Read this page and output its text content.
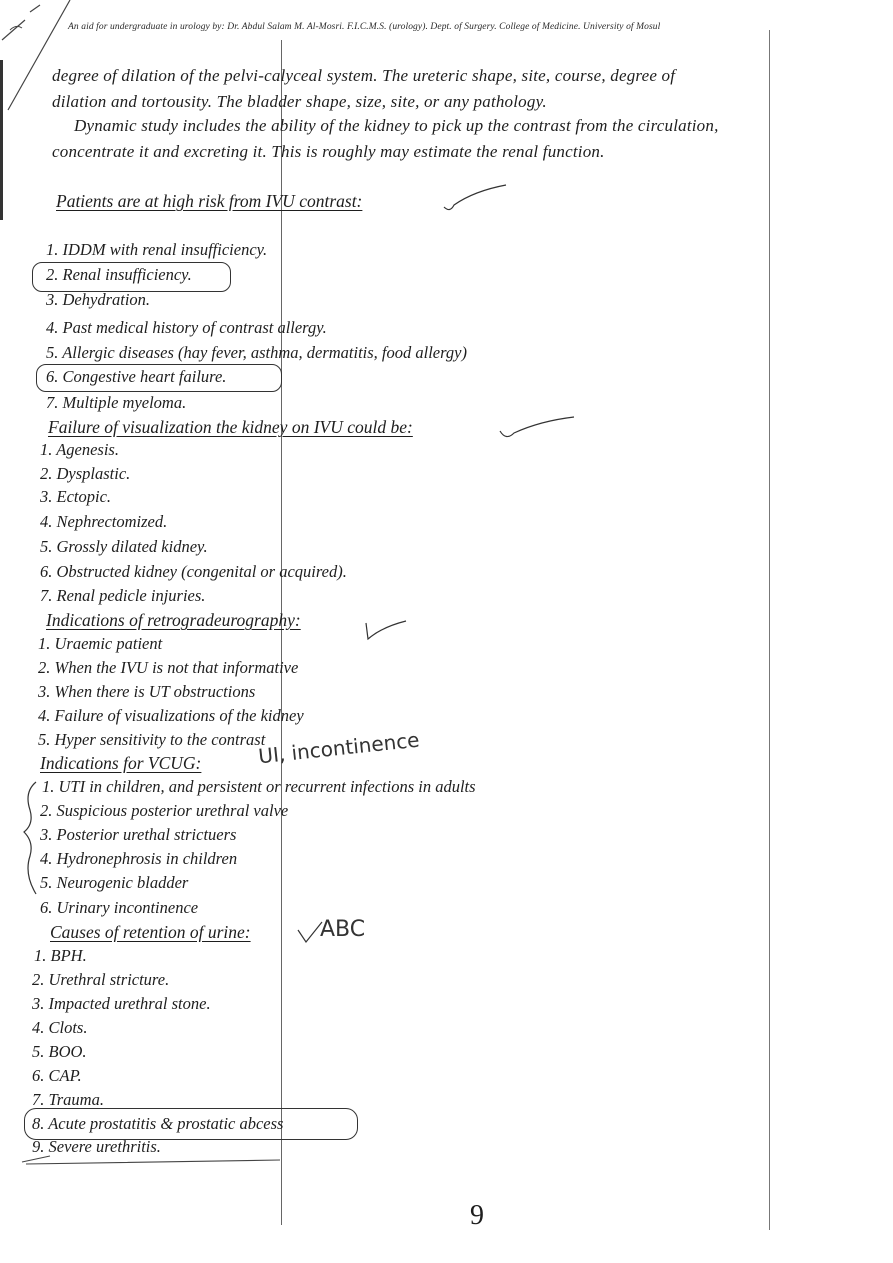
An aid for undergraduate in urology by: Dr. Abdul Salam M. Al-Mosri. F.I.C.M.S. (urology). Dept. of Surgery. College of Medicine. University of Mosul
degree of dilation of the pelvi-calyceal system. The ureteric shape, site, course, degree of
dilation and tortousity. The bladder shape, size, site, or any pathology.
Dynamic study includes the ability of the kidney to pick up the contrast from the circulation,
concentrate it and excreting it. This is roughly may estimate the renal function.
Patients are at high risk from IVU contrast:
1. IDDM with renal insufficiency.
2. Renal insufficiency.
3. Dehydration.
4. Past medical history of contrast allergy.
5. Allergic diseases (hay fever, asthma, dermatitis, food allergy)
6. Congestive heart failure.
7. Multiple myeloma.
Failure of visualization the kidney on IVU could be:
1. Agenesis.
2. Dysplastic.
3. Ectopic.
4. Nephrectomized.
5. Grossly dilated kidney.
6. Obstructed kidney (congenital or acquired).
7. Renal pedicle injuries.
Indications of retrogradeurography:
1. Uraemic patient
2. When the IVU is not that informative
3. When there is UT obstructions
4. Failure of visualizations of the kidney
5. Hyper sensitivity to the contrast
Indications for VCUG:	UI, incontinence
1. UTI in children, and persistent or recurrent infections in adults
2. Suspicious posterior urethral valve
3. Posterior urethal strictuers
4. Hydronephrosis in children
5. Neurogenic bladder
6. Urinary incontinence
Causes of retention of urine:	ABC
1. BPH.
2. Urethral stricture.
3. Impacted urethral stone.
4. Clots.
5. BOO.
6. CAP.
7. Trauma.
8. Acute prostatitis & prostatic abcess
9. Severe urethritis.
9
